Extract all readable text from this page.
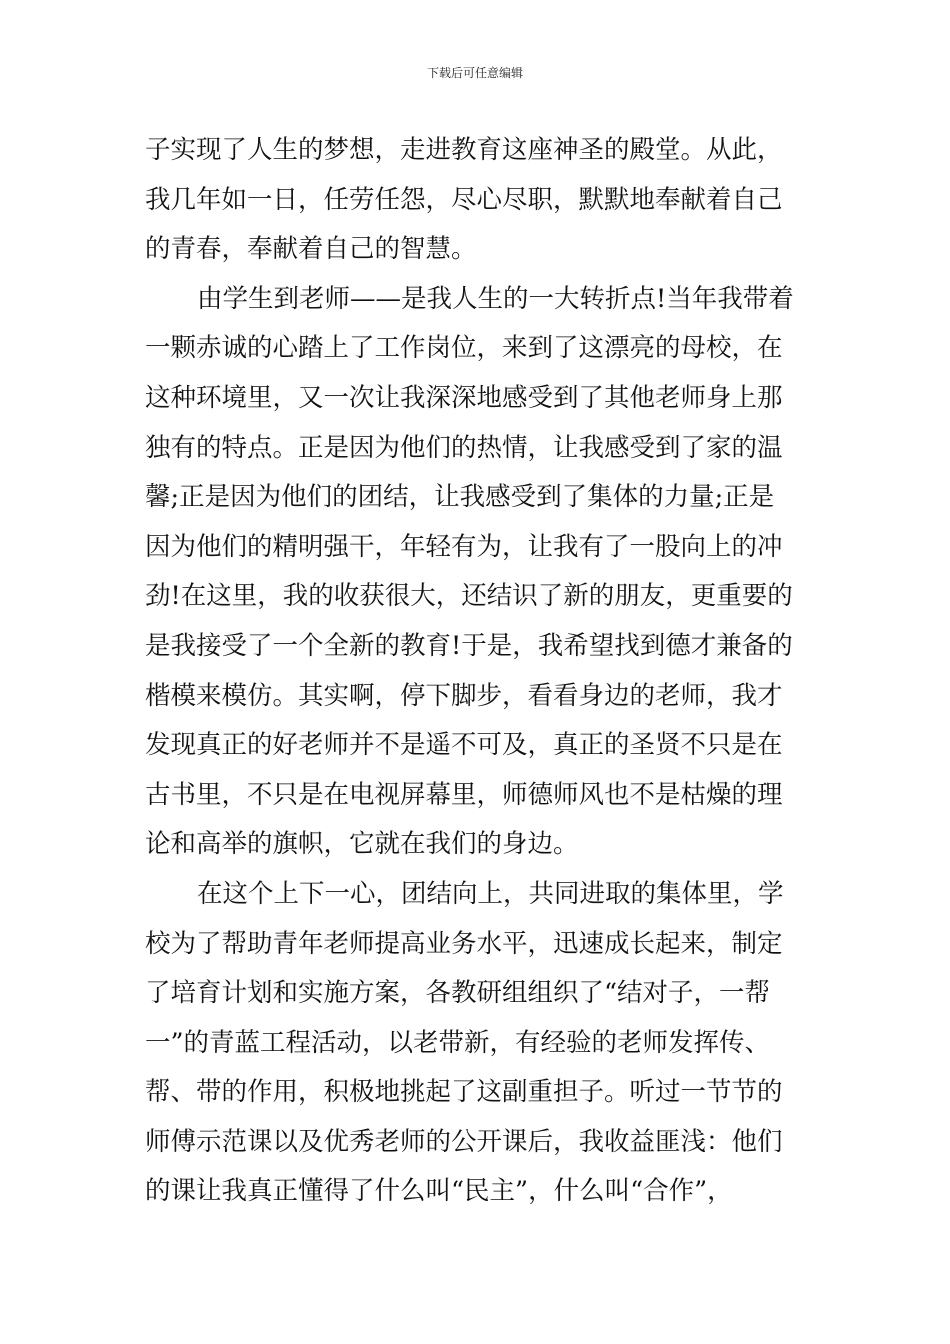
下载后可任意编辑
子实现了人生的梦想，走进教育这座神圣的殿堂。从此，
我几年如一日，任劳任怨，尽心尽职，默默地奉献着自己
的青春，奉献着自己的智慧。
由学生到老师——是我人生的一大转折点!当年我带着
一颗赤诚的心踏上了工作岗位，来到了这漂亮的母校，在
这种环境里，又一次让我深深地感受到了其他老师身上那
独有的特点。正是因为他们的热情，让我感受到了家的温
馨;正是因为他们的团结，让我感受到了集体的力量;正是
因为他们的精明强干，年轻有为，让我有了一股向上的冲
劲!在这里，我的收获很大，还结识了新的朋友，更重要的
是我接受了一个全新的教育!于是，我希望找到德才兼备的
楷模来模仿。其实啊，停下脚步，看看身边的老师，我才
发现真正的好老师并不是遥不可及，真正的圣贤不只是在
古书里，不只是在电视屏幕里，师德师风也不是枯燥的理
论和高举的旗帜，它就在我们的身边。
在这个上下一心，团结向上，共同进取的集体里，学
校为了帮助青年老师提高业务水平，迅速成长起来，制定
了培育计划和实施方案，各教研组组织了“结对子，一帮
一”的青蓝工程活动，以老带新，有经验的老师发挥传、
帮、带的作用，积极地挑起了这副重担子。听过一节节的
师傅示范课以及优秀老师的公开课后，我收益匪浅：他们
的课让我真正懂得了什么叫“民主”，什么叫“合作”，
